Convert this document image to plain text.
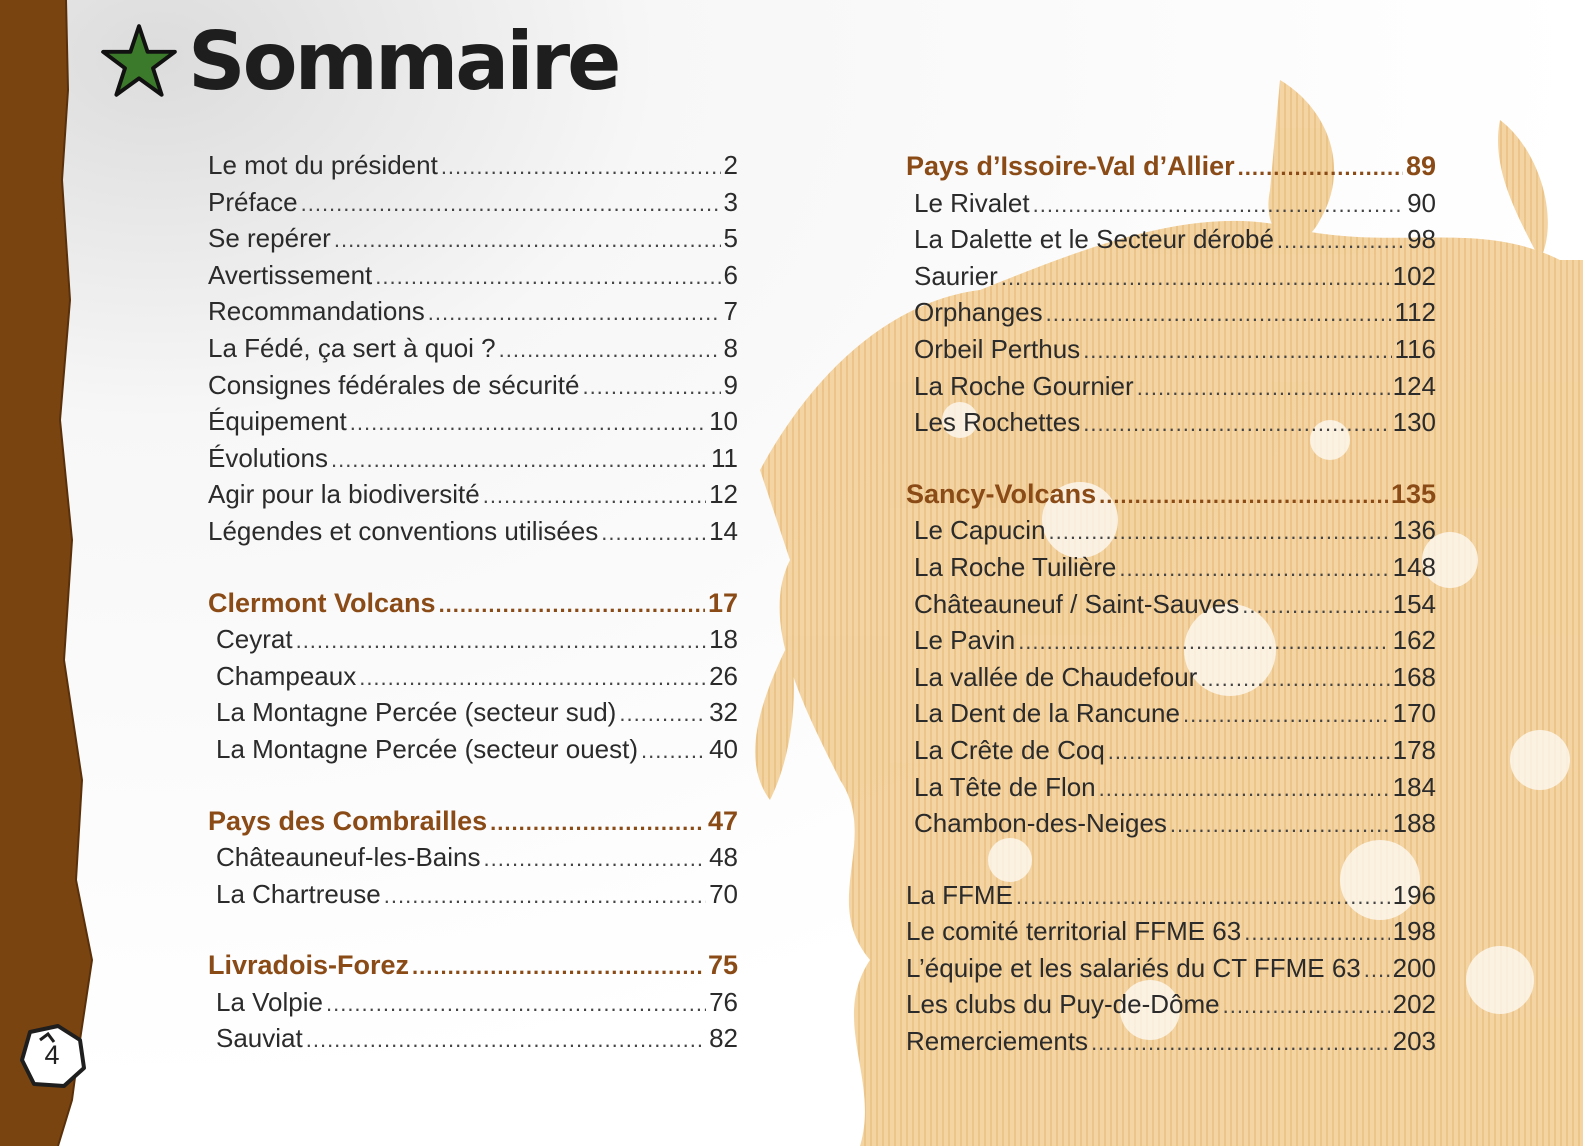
Sommaire
Le mot du président .....	2
Préface .....	3
Se repérer .....	5
Avertissement .....	6
Recommandations .....	7
La Fédé, ça sert à quoi ? .....	8
Consignes fédérales de sécurité .....	9
Équipement .....	10
Évolutions .....	11
Agir pour la biodiversité .....	12
Légendes et conventions utilisées .....	14
Clermont Volcans .....	17
Ceyrat .....	18
Champeaux .....	26
La Montagne Percée (secteur sud) .....	32
La Montagne Percée (secteur ouest) .....	40
Pays des Combrailles .....	47
Châteauneuf-les-Bains .....	48
La Chartreuse .....	70
Livradois-Forez .....	75
La Volpie .....	76
Sauviat .....	82
Pays d’Issoire-Val d’Allier .....	89
Le Rivalet .....	90
La Dalette et le Secteur dérobé .....	98
Saurier .....	102
Orphanges .....	112
Orbeil Perthus .....	116
La Roche Gournier .....	124
Les Rochettes .....	130
Sancy-Volcans .....	135
Le Capucin .....	136
La Roche Tuilière .....	148
Châteauneuf / Saint-Sauves .....	154
Le Pavin .....	162
La vallée de Chaudefour .....	168
La Dent de la Rancune .....	170
La Crête de Coq .....	178
La Tête de Flon .....	184
Chambon-des-Neiges .....	188
La FFME .....	196
Le comité territorial FFME 63 .....	198
L’équipe et les salariés du CT FFME 63 ..... 200
Les clubs du Puy-de-Dôme .....	202
Remerciements .....	203
4
